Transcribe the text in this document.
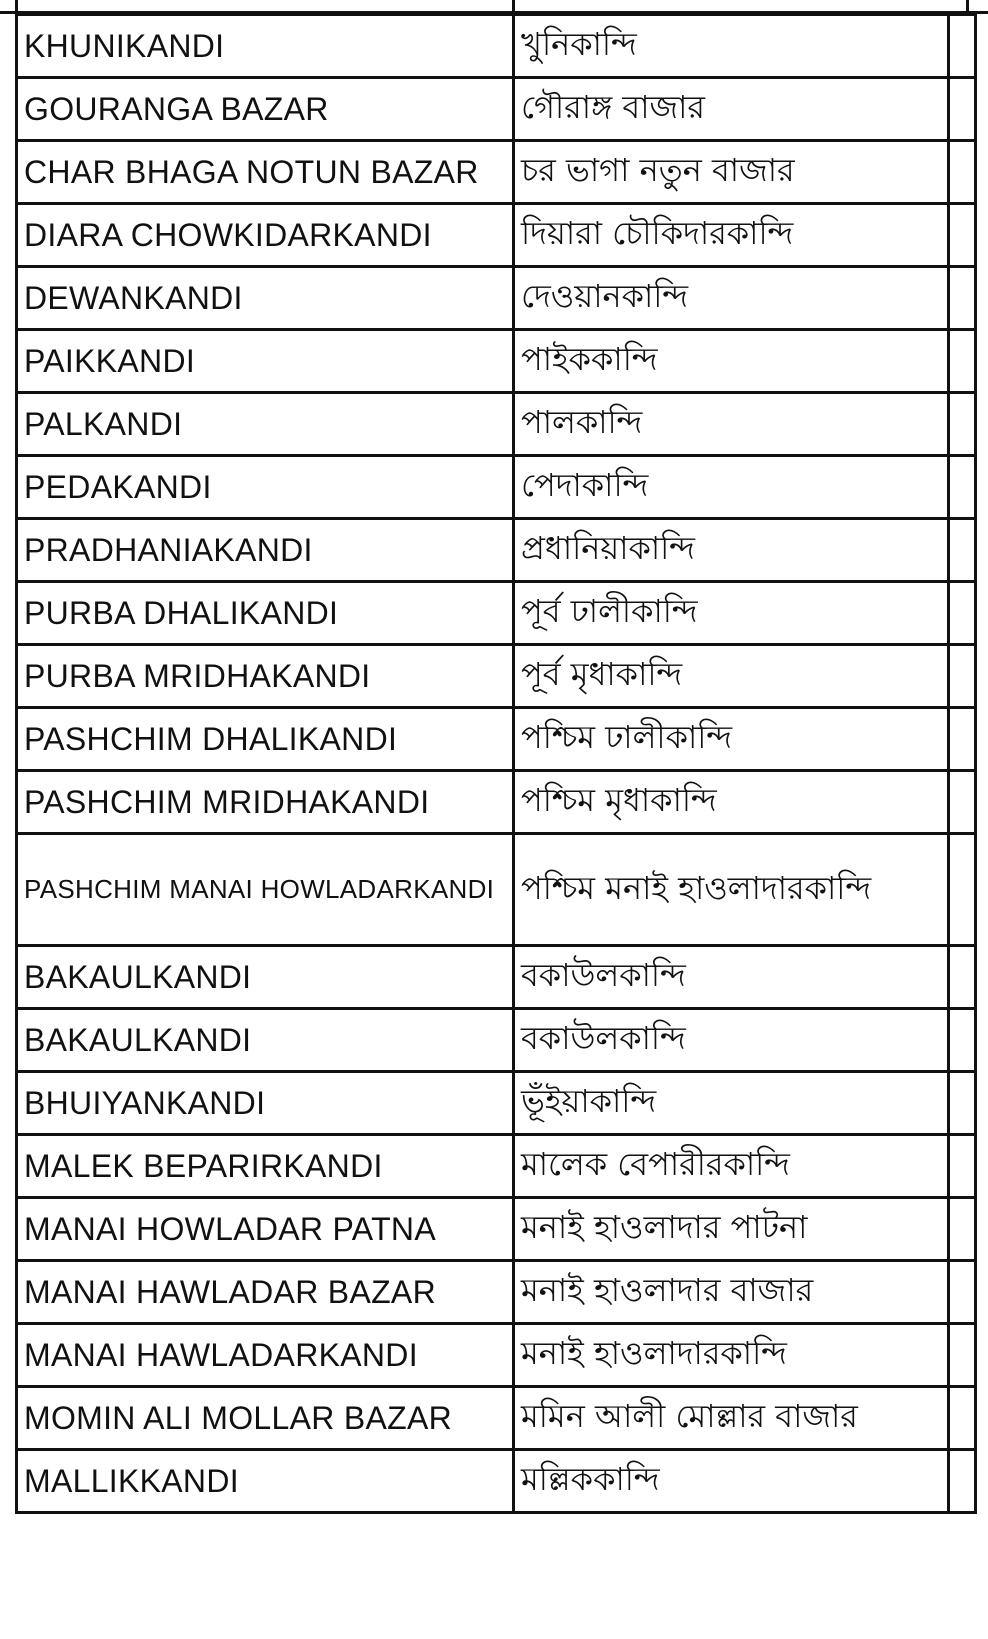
KHUNIKANDI	খুনিকান্দি	
GOURANGA BAZAR	গৌরাঙ্গ বাজার	
CHAR BHAGA NOTUN BAZAR	চর ভাগা নতুন বাজার	
DIARA CHOWKIDARKANDI	দিয়ারা চৌকিদারকান্দি	
DEWANKANDI	দেওয়ানকান্দি	
PAIKKANDI	পাইককান্দি	
PALKANDI	পালকান্দি	
PEDAKANDI	পেদাকান্দি	
PRADHANIAKANDI	প্রধানিয়াকান্দি	
PURBA DHALIKANDI	পূর্ব ঢালীকান্দি	
PURBA MRIDHAKANDI	পূর্ব মৃধাকান্দি	
PASHCHIM DHALIKANDI	পশ্চিম ঢালীকান্দি	
PASHCHIM MRIDHAKANDI	পশ্চিম মৃধাকান্দি	
PASHCHIM MANAI HOWLADARKANDI	পশ্চিম মনাই হাওলাদারকান্দি	
BAKAULKANDI	বকাউলকান্দি	
BAKAULKANDI	বকাউলকান্দি	
BHUIYANKANDI	ভূঁইয়াকান্দি	
MALEK BEPARIRKANDI	মালেক বেপারীরকান্দি	
MANAI HOWLADAR PATNA	মনাই হাওলাদার পাটনা	
MANAI HAWLADAR BAZAR	মনাই হাওলাদার বাজার	
MANAI HAWLADARKANDI	মনাই হাওলাদারকান্দি	
MOMIN ALI MOLLAR BAZAR	মমিন আলী মোল্লার বাজার	
MALLIKKANDI	মল্লিককান্দি	
